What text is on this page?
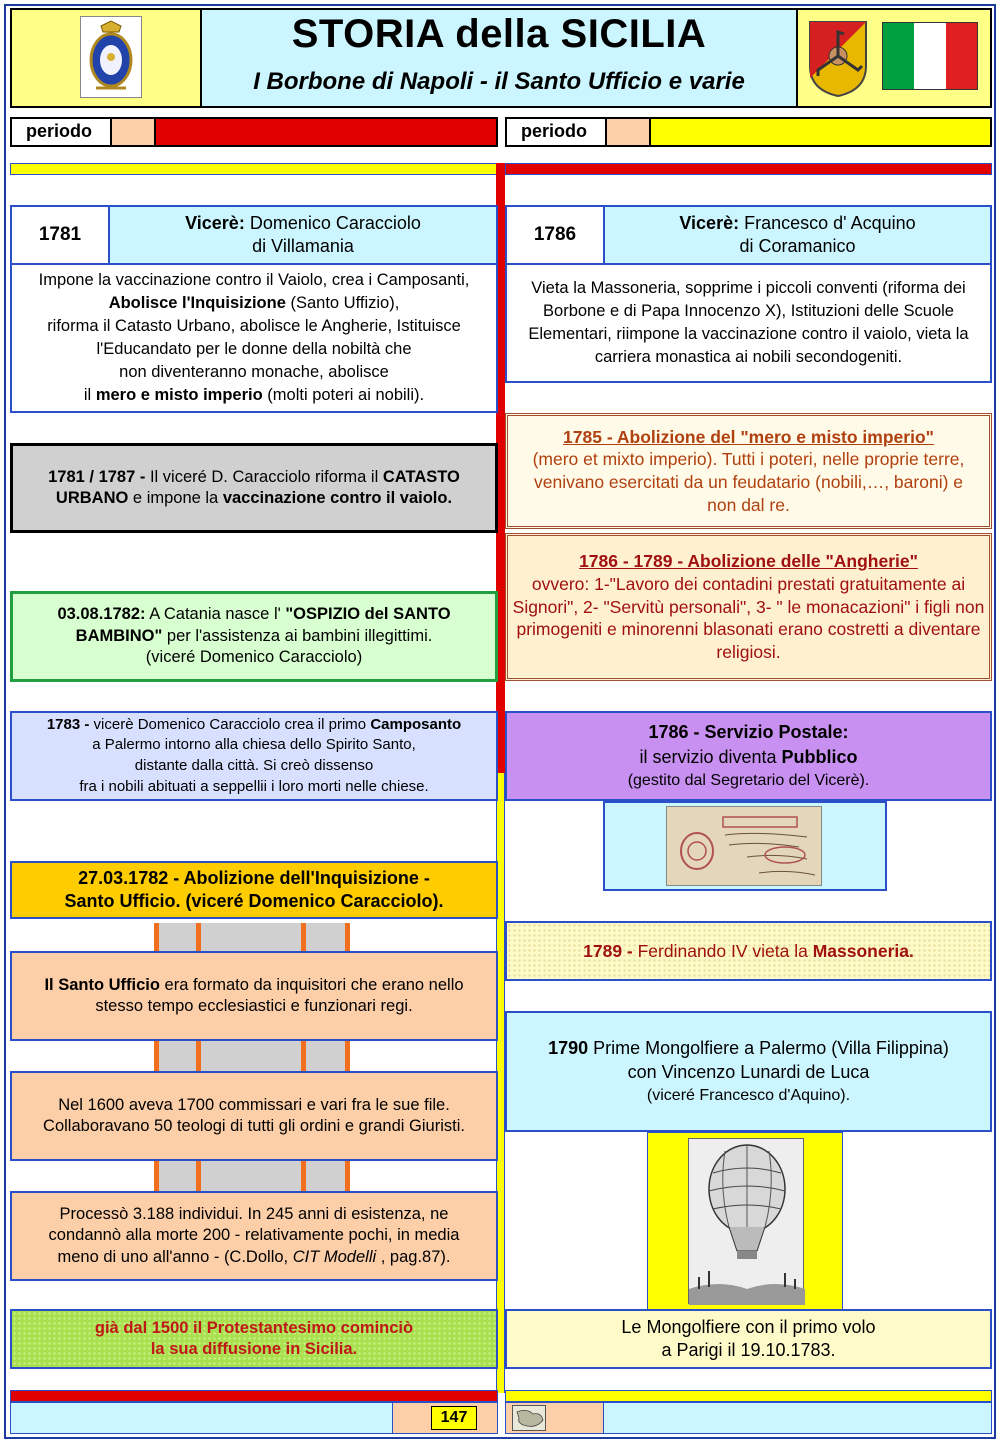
STORIA della SICILIA
I Borbone di Napoli - il Santo Ufficio e varie
periodo	periodo
1781
Vicerè: Domenico Caracciolo
di Villamania
Impone la vaccinazione contro il Vaiolo, crea i Camposanti,
Abolisce l'Inquisizione (Santo Uffizio),
riforma il Catasto Urbano, abolisce le Angherie, Istituisce
l'Educandato per le donne della nobiltà che
non diventeranno monache, abolisce
il mero e misto imperio (molti poteri ai nobili).
1781 / 1787 - Il viceré D. Caracciolo riforma il CATASTO URBANO e impone la vaccinazione contro il vaiolo.
03.08.1782: A Catania nasce l' "OSPIZIO del SANTO BAMBINO" per l'assistenza ai bambini illegittimi.
(viceré Domenico Caracciolo)
1783 - vicerè Domenico Caracciolo crea il primo Camposanto
a Palermo intorno alla chiesa dello Spirito Santo,
distante dalla città. Si creò dissenso
fra i nobili abituati a seppellii i loro morti nelle chiese.
27.03.1782 - Abolizione dell'Inquisizione -
Santo Ufficio. (viceré Domenico Caracciolo).
Il Santo Ufficio era formato da inquisitori che erano nello stesso tempo ecclesiastici e funzionari regi.
Nel 1600 aveva 1700 commissari e vari fra le sue file.
Collaboravano 50 teologi di tutti gli ordini e grandi Giuristi.
Processò 3.188 individui. In 245 anni di esistenza, ne condannò alla morte 200 - relativamente pochi, in media meno di uno all'anno - (C.Dollo, CIT Modelli , pag.87).
già dal 1500 il Protestantesimo cominciò
la sua diffusione in Sicilia.
147
1786
Vicerè: Francesco d' Acquino
di Coramanico
Vieta la Massoneria, sopprime i piccoli conventi (riforma dei Borbone e di Papa Innocenzo X), Istituzioni delle Scuole Elementari, riimpone la vaccinazione contro il vaiolo, vieta la carriera monastica ai nobili secondogeniti.
1785 - Abolizione del "mero e misto imperio"
(mero et mixto imperio). Tutti i poteri, nelle proprie terre, venivano esercitati da un feudatario (nobili,…, baroni) e non dal re.
1786 - 1789 - Abolizione delle "Angherie"
ovvero: 1-"Lavoro dei contadini prestati gratuitamente ai Signori", 2- "Servitù personali", 3- " le monacazioni" i figli non primogeniti e minorenni blasonati erano costretti a diventare religiosi.
1786 - Servizio Postale:
il servizio diventa Pubblico
(gestito dal Segretario del Vicerè).
1789 - Ferdinando IV vieta la Massoneria.
1790 Prime Mongolfiere a Palermo (Villa Filippina)
con Vincenzo Lunardi de Luca
(viceré Francesco d'Aquino).
Le Mongolfiere con il primo volo
a Parigi il 19.10.1783.
